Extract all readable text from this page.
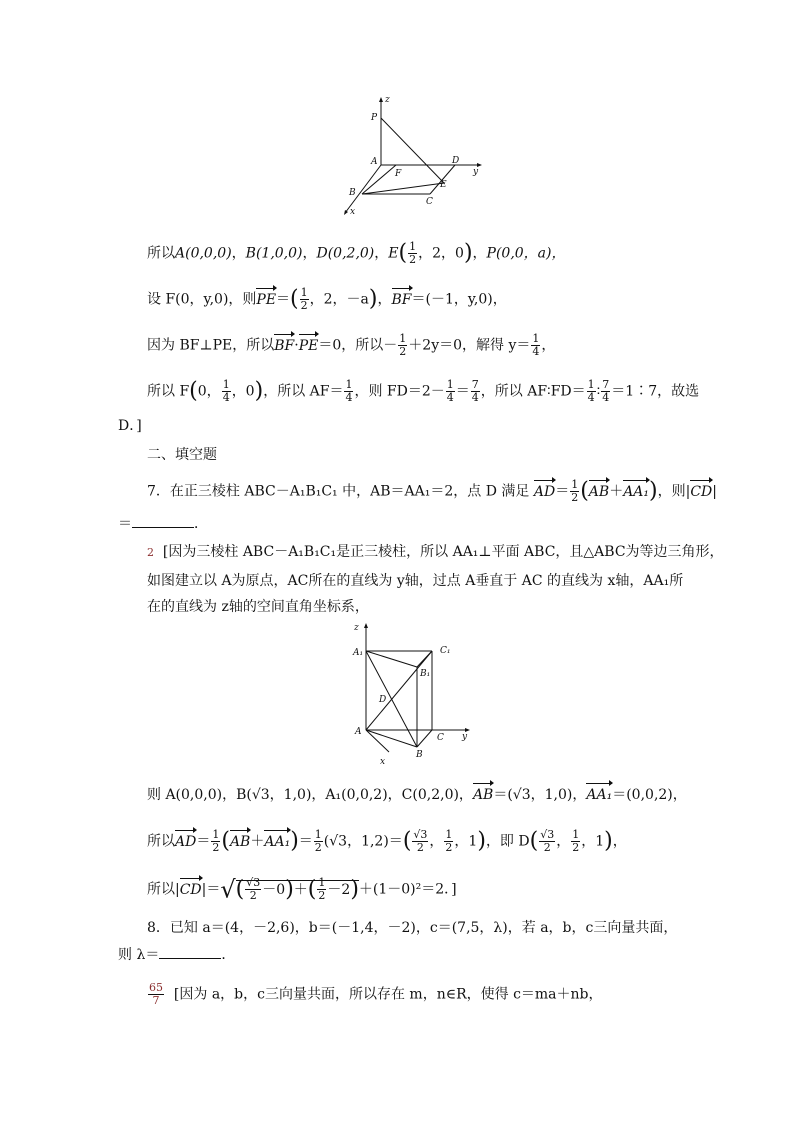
z
P
A	D
y
F
E
B
C
x
z
A₁	C₁
B₁
D
A
C y
B
x
所以A(0,0,0)，B(1,0,0)，D(0,2,0)，$E( \frac{1}{2}$ ，2，0)，P(0,0，a)，
设 F(0，y,0)，则$PE=( \frac{1}{2}$ ，2，－a)，BF＝(－1，y,0)，
因为 BF⊥PE，所以BF·PE＝0，所以－ $\frac{1}{2} +2y=0$，解得 $y= \frac{1}{4}$ ，
所以 F(0， $\frac{1}{4}$ ，0)，所以 $AF= \frac{1}{4}$ ，则 $FD=2- \frac{1}{4} = \frac{7}{4}$ ，所以 AF∶FD＝ $\frac{1}{4}$ ∶ $\frac{7}{4}$ ＝1∶7，故选
D．]
二、填空题
7．在正三棱柱 ABC－A₁B₁C₁ 中，AB＝AA₁＝2，点 D 满足 $AD= \frac{1}{2} (AB+AA_1)$，则|CD|
＝	．
2 [因为三棱柱 ABC－A₁B₁C₁是正三棱柱，所以 AA₁⊥平面 ABC，且△ABC为等边三角形，
如图建立以 A为原点，AC所在的直线为 y轴，过点 A垂直于 AC 的直线为 x轴，AA₁所
在的直线为 z轴的空间直角坐标系，
则 A(0,0,0)，B(√3，1,0)，A₁(0,0,2)，C(0,2,0)，AB＝(√3，1,0)，AA₁＝(0,0,2)，
所以$AD= \frac{1}{2} (AB+AA_1)= \frac{1}{2} (√3$，$1,2)=( \frac{√3}{2}$ ， $\frac{1}{2}$ ，1)，即 $D( \frac{√3}{2}$ ， $\frac{1}{2}$ ，1)，
所以$|CD|=√( \frac{√3}{2} -0)+( \frac{1}{2} -2)+(1-0)^2=2$．]
8．已知 a＝(4，－2,6)，b＝(－1,4，－2)，c＝(7,5，λ)，若 a，b，c三向量共面，
则 λ＝	．
$\frac{65}{7}$ [因为 a，b，c三向量共面，所以存在 m，n∈R，使得 c＝ma＋nb，
